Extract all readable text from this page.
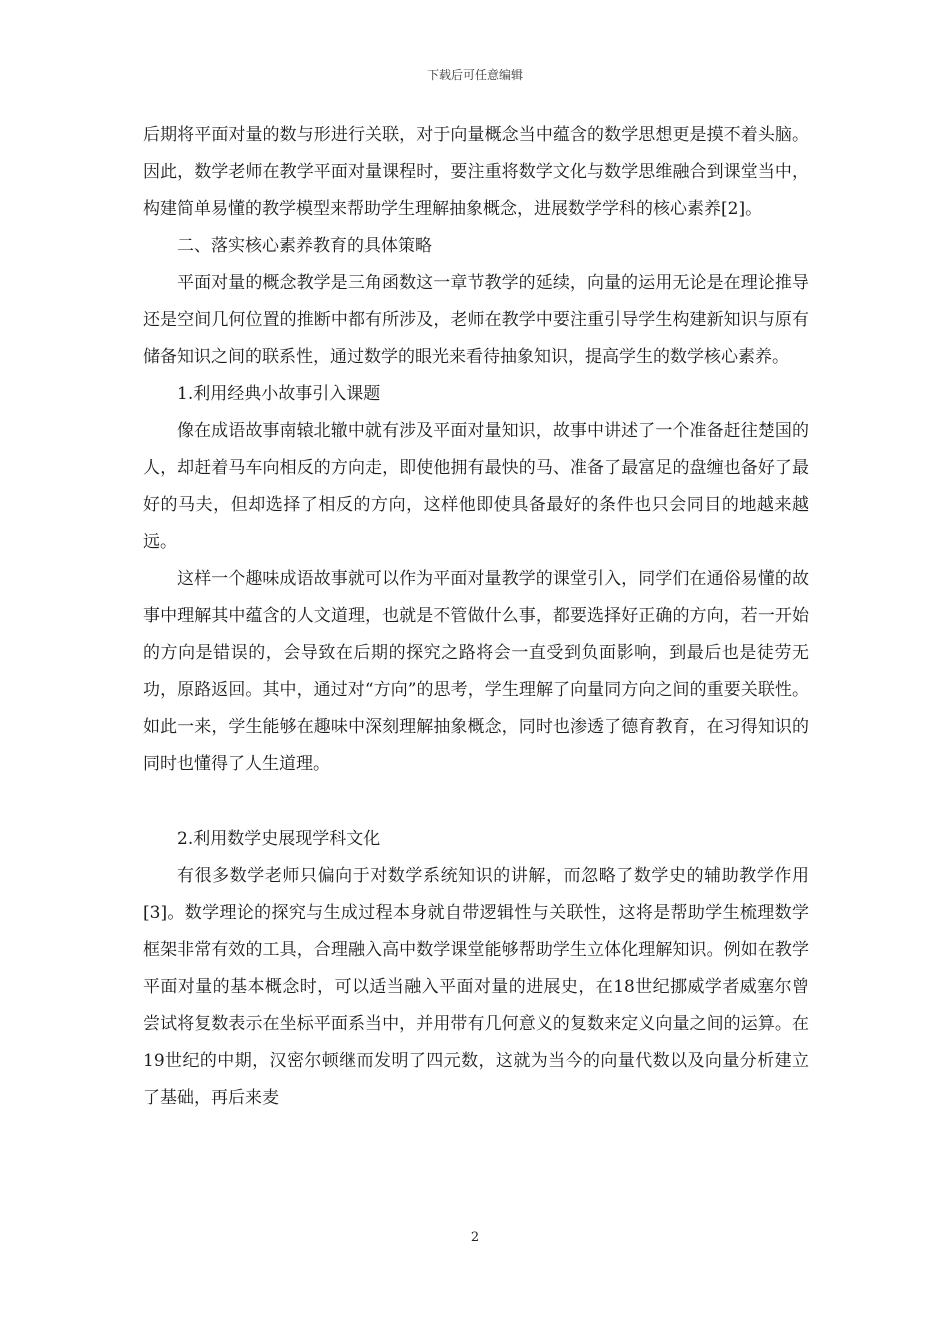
下载后可任意编辑

后期将平面对量的数与形进行关联，对于向量概念当中蕴含的数学思想更是摸不着头脑。因此，数学老师在教学平面对量课程时，要注重将数学文化与数学思维融合到课堂当中，构建简单易懂的教学模型来帮助学生理解抽象概念，进展数学学科的核心素养[2]。

二、落实核心素养教育的具体策略

平面对量的概念教学是三角函数这一章节教学的延续，向量的运用无论是在理论推导还是空间几何位置的推断中都有所涉及，老师在教学中要注重引导学生构建新知识与原有储备知识之间的联系性，通过数学的眼光来看待抽象知识，提高学生的数学核心素养。

1.利用经典小故事引入课题

像在成语故事南辕北辙中就有涉及平面对量知识，故事中讲述了一个准备赶往楚国的人，却赶着马车向相反的方向走，即使他拥有最快的马、准备了最富足的盘缠也备好了最好的马夫，但却选择了相反的方向，这样他即使具备最好的条件也只会同目的地越来越远。

这样一个趣味成语故事就可以作为平面对量教学的课堂引入，同学们在通俗易懂的故事中理解其中蕴含的人文道理，也就是不管做什么事，都要选择好正确的方向，若一开始的方向是错误的，会导致在后期的探究之路将会一直受到负面影响，到最后也是徒劳无功，原路返回。其中，通过对“方向”的思考，学生理解了向量同方向之间的重要关联性。如此一来，学生能够在趣味中深刻理解抽象概念，同时也渗透了德育教育，在习得知识的同时也懂得了人生道理。

2.利用数学史展现学科文化

有很多数学老师只偏向于对数学系统知识的讲解，而忽略了数学史的辅助教学作用[3]。数学理论的探究与生成过程本身就自带逻辑性与关联性，这将是帮助学生梳理数学框架非常有效的工具，合理融入高中数学课堂能够帮助学生立体化理解知识。例如在教学平面对量的基本概念时，可以适当融入平面对量的进展史，在18世纪挪威学者威塞尔曾尝试将复数表示在坐标平面系当中，并用带有几何意义的复数来定义向量之间的运算。在19世纪的中期，汉密尔顿继而发明了四元数，这就为当今的向量代数以及向量分析建立了基础，再后来麦

2
